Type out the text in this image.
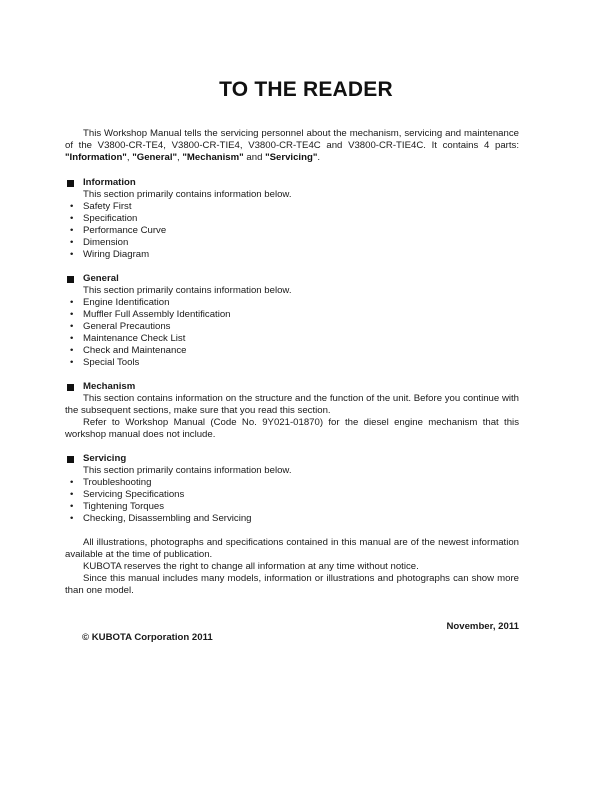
TO THE READER
This Workshop Manual tells the servicing personnel about the mechanism, servicing and maintenance of the V3800-CR-TE4, V3800-CR-TIE4, V3800-CR-TE4C and V3800-CR-TIE4C. It contains 4 parts: "Information", "General", "Mechanism" and "Servicing".
Information
This section primarily contains information below.
•	Safety First
•	Specification
•	Performance Curve
•	Dimension
•	Wiring Diagram
General
This section primarily contains information below.
•	Engine Identification
•	Muffler Full Assembly Identification
•	General Precautions
•	Maintenance Check List
•	Check and Maintenance
•	Special Tools
Mechanism
This section contains information on the structure and the function of the unit. Before you continue with the subsequent sections, make sure that you read this section.
Refer to Workshop Manual (Code No. 9Y021-01870) for the diesel engine mechanism that this workshop manual does not include.
Servicing
This section primarily contains information below.
•	Troubleshooting
•	Servicing Specifications
•	Tightening Torques
•	Checking, Disassembling and Servicing
All illustrations, photographs and specifications contained in this manual are of the newest information available at the time of publication.
KUBOTA reserves the right to change all information at any time without notice.
Since this manual includes many models, information or illustrations and photographs can show more than one model.
November, 2011
© KUBOTA Corporation 2011
